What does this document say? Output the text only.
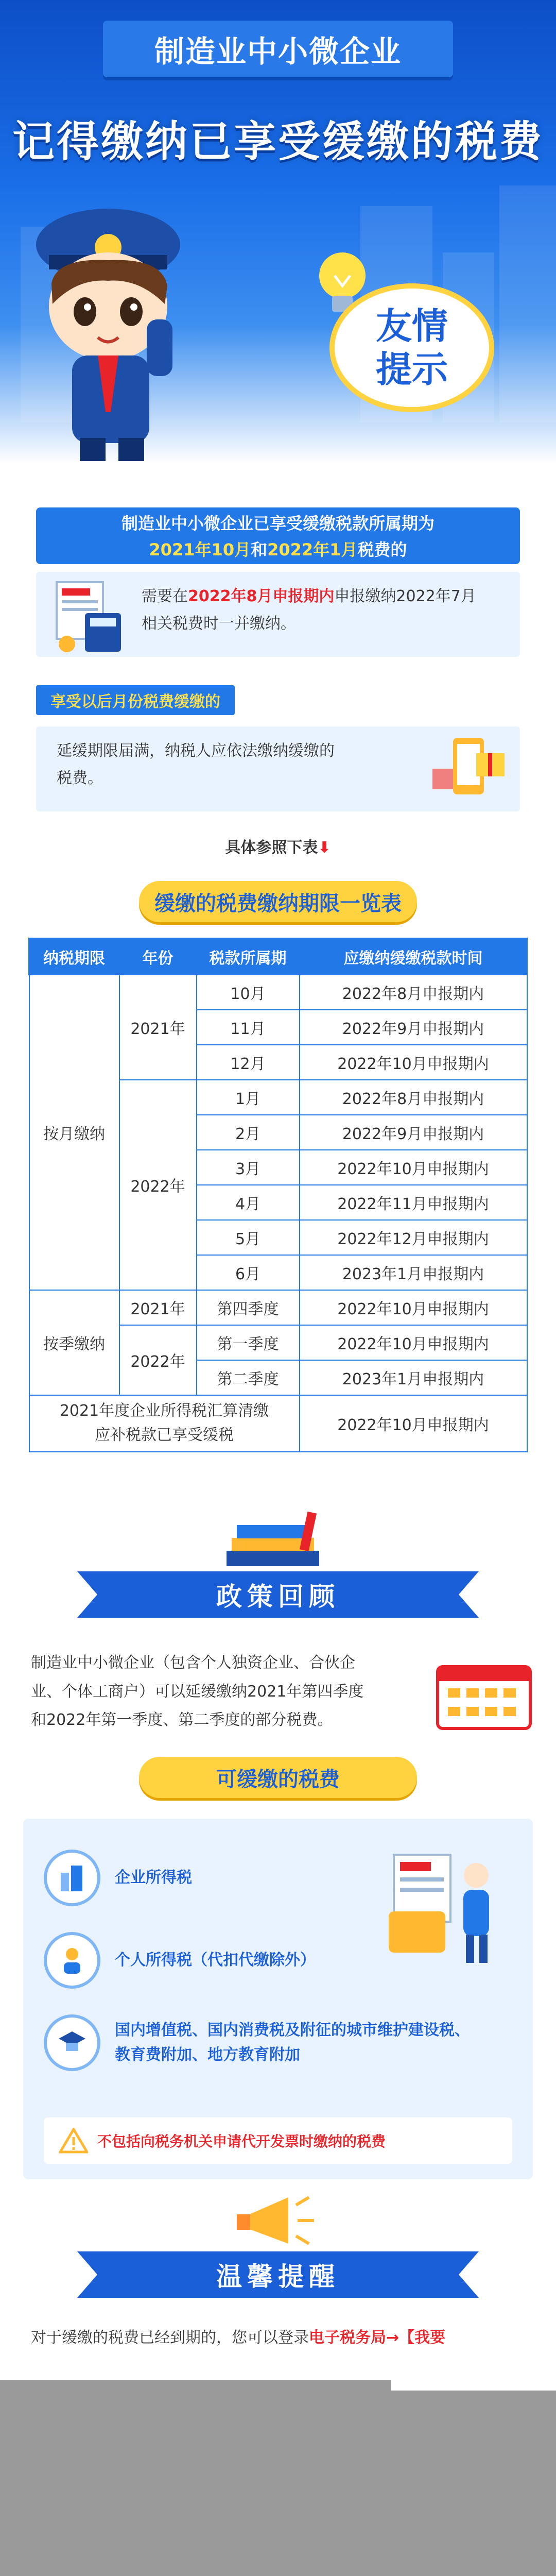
制造业中小微企业
记得缴纳已享受缓缴的税费
友情
提示
制造业中小微企业已享受缓缴税款所属期为
2021年10月和2022年1月税费的
需要在2022年8月申报期内申报缴纳2022年7月
相关税费时一并缴纳。
享受以后月份税费缓缴的
延缓期限届满，纳税人应依法缴纳缓缴的
税费。
具体参照下表⬇
缓缴的税费缴纳期限一览表
纳税期限	年份	税款所属期	应缴纳缓缴税款时间
按月缴纳	2021年	10月	2022年8月申报期内
		11月	2022年9月申报期内
		12月	2022年10月申报期内
	2022年	1月	2022年8月申报期内
		2月	2022年9月申报期内
		3月	2022年10月申报期内
		4月	2022年11月申报期内
		5月	2022年12月申报期内
		6月	2023年1月申报期内
按季缴纳	2021年	第四季度	2022年10月申报期内
	2022年	第一季度	2022年10月申报期内
		第二季度	2023年1月申报期内

2021年度企业所得税汇算清缴
应补税款已享受缓税			2022年10月申报期内
政策回顾
制造业中小微企业（包含个人独资企业、合伙企
业、个体工商户）可以延缓缴纳2021年第四季度
和2022年第一季度、第二季度的部分税费。
可缓缴的税费
企业所得税
个人所得税（代扣代缴除外）
国内增值税、国内消费税及附征的城市维护建设税、
教育费附加、地方教育附加
不包括向税务机关申请代开发票时缴纳的税费
温馨提醒
对于缓缴的税费已经到期的，您可以登录电子税务局→【我要
